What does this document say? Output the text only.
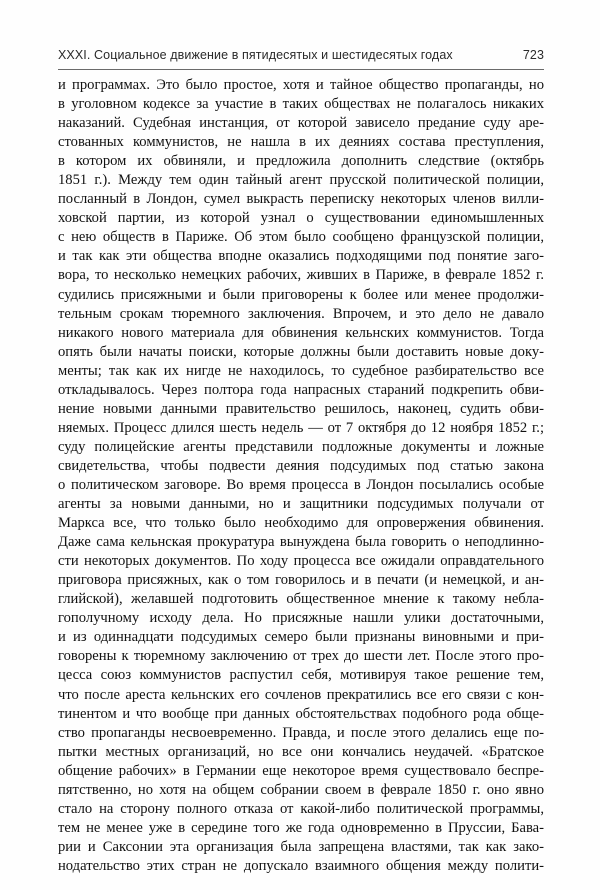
XXXI. Социальное движение в пятидесятых и шестидесятых годах	723
и программах. Это было простое, хотя и тайное общество пропаганды, но
в уголовном кодексе за участие в таких обществах не полагалось никаких
наказаний. Судебная инстанция, от которой зависело предание суду аре-
стованных коммунистов, не нашла в их деяниях состава преступления,
в котором их обвиняли, и предложила дополнить следствие (октябрь
1851 г.). Между тем один тайный агент прусской политической полиции,
посланный в Лондон, сумел выкрасть переписку некоторых членов вилли-
ховской партии, из которой узнал о существовании единомышленных
с нею обществ в Париже. Об этом было сообщено французской полиции,
и так как эти общества вподне оказались подходящими под понятие заго-
вора, то несколько немецких рабочих, живших в Париже, в феврале 1852 г.
судились присяжными и были приговорены к более или менее продолжи-
тельным срокам тюремного заключения. Впрочем, и это дело не давало
никакого нового материала для обвинения кельнских коммунистов. Тогда
опять были начаты поиски, которые должны были доставить новые доку-
менты; так как их нигде не находилось, то судебное разбирательство все
откладывалось. Через полтора года напрасных стараний подкрепить обви-
нение новыми данными правительство решилось, наконец, судить обви-
няемых. Процесс длился шесть недель — от 7 октября до 12 ноября 1852 г.;
суду полицейские агенты представили подложные документы и ложные
свидетельства, чтобы подвести деяния подсудимых под статью закона
о политическом заговоре. Во время процесса в Лондон посылались особые
агенты за новыми данными, но и защитники подсудимых получали от
Маркса все, что только было необходимо для опровержения обвинения.
Даже сама кельнская прокуратура вынуждена была говорить о неподлинно-
сти некоторых документов. По ходу процесса все ожидали оправдательного
приговора присяжных, как о том говорилось и в печати (и немецкой, и ан-
глийской), желавшей подготовить общественное мнение к такому небла-
гополучному исходу дела. Но присяжные нашли улики достаточными,
и из одиннадцати подсудимых семеро были признаны виновными и при-
говорены к тюремному заключению от трех до шести лет. После этого про-
цесса союз коммунистов распустил себя, мотивируя такое решение тем,
что после ареста кельнских его сочленов прекратились все его связи с кон-
тинентом и что вообще при данных обстоятельствах подобного рода обще-
ство пропаганды несвоевременно. Правда, и после этого делались еще по-
пытки местных организаций, но все они кончались неудачей. «Братское
общение рабочих» в Германии еще некоторое время существовало беспре-
пятственно, но хотя на общем собрании своем в феврале 1850 г. оно явно
стало на сторону полного отказа от какой-либо политической программы,
тем не менее уже в середине того же года одновременно в Пруссии, Бава-
рии и Саксонии эта организация была запрещена властями, так как зако-
нодательство этих стран не допускало взаимного общения между полити-
